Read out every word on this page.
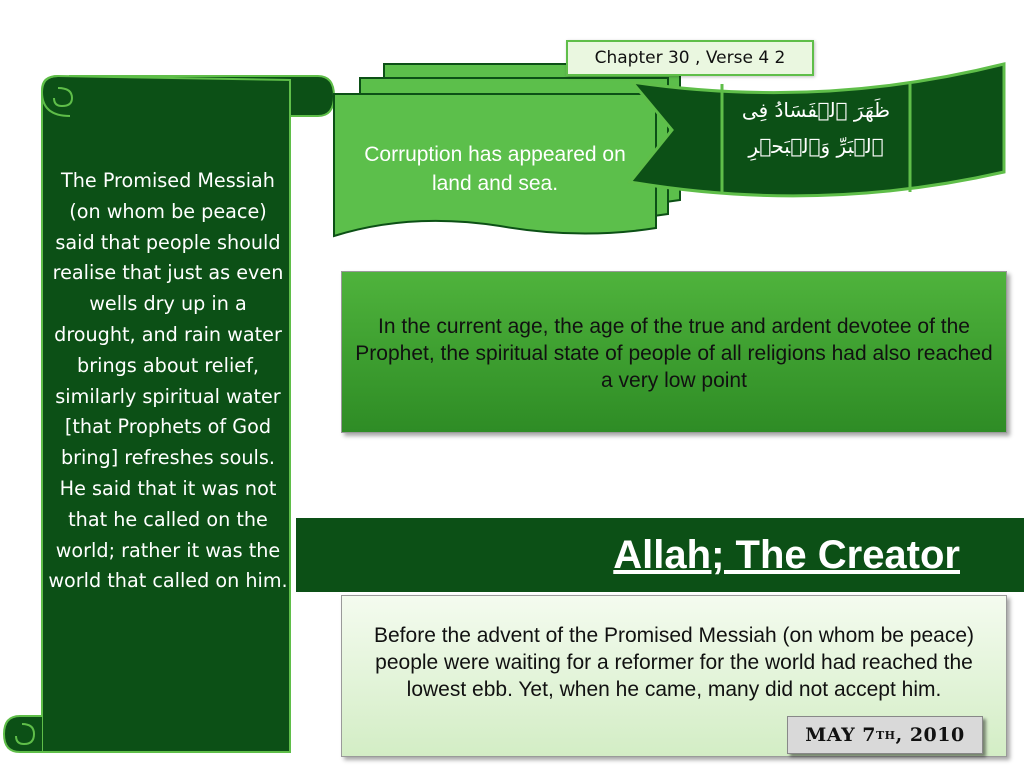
The Promised Messiah (on whom be peace) said that people should realise that just as even wells dry up in a drought, and rain water brings about relief, similarly spiritual water [that Prophets of God bring] refreshes souls. He said that it was not that he called on the world; rather it was the world that called on him.
Corruption has appeared on land and sea.
ظَهَرَ ٱلۡفَسَادُ فِى ٱلۡبَرِّ وَٱلۡبَحۡرِ
Chapter 30 , Verse 4 2
In the current age, the age of the true and ardent devotee of the Prophet, the spiritual state of people of all religions had also reached a very low point
Allah; The Creator
Before the advent of the Promised Messiah (on whom be peace) people were waiting for a reformer for the world had reached the lowest ebb. Yet, when he came, many did not accept him.
MAY 7 TH , 2010
